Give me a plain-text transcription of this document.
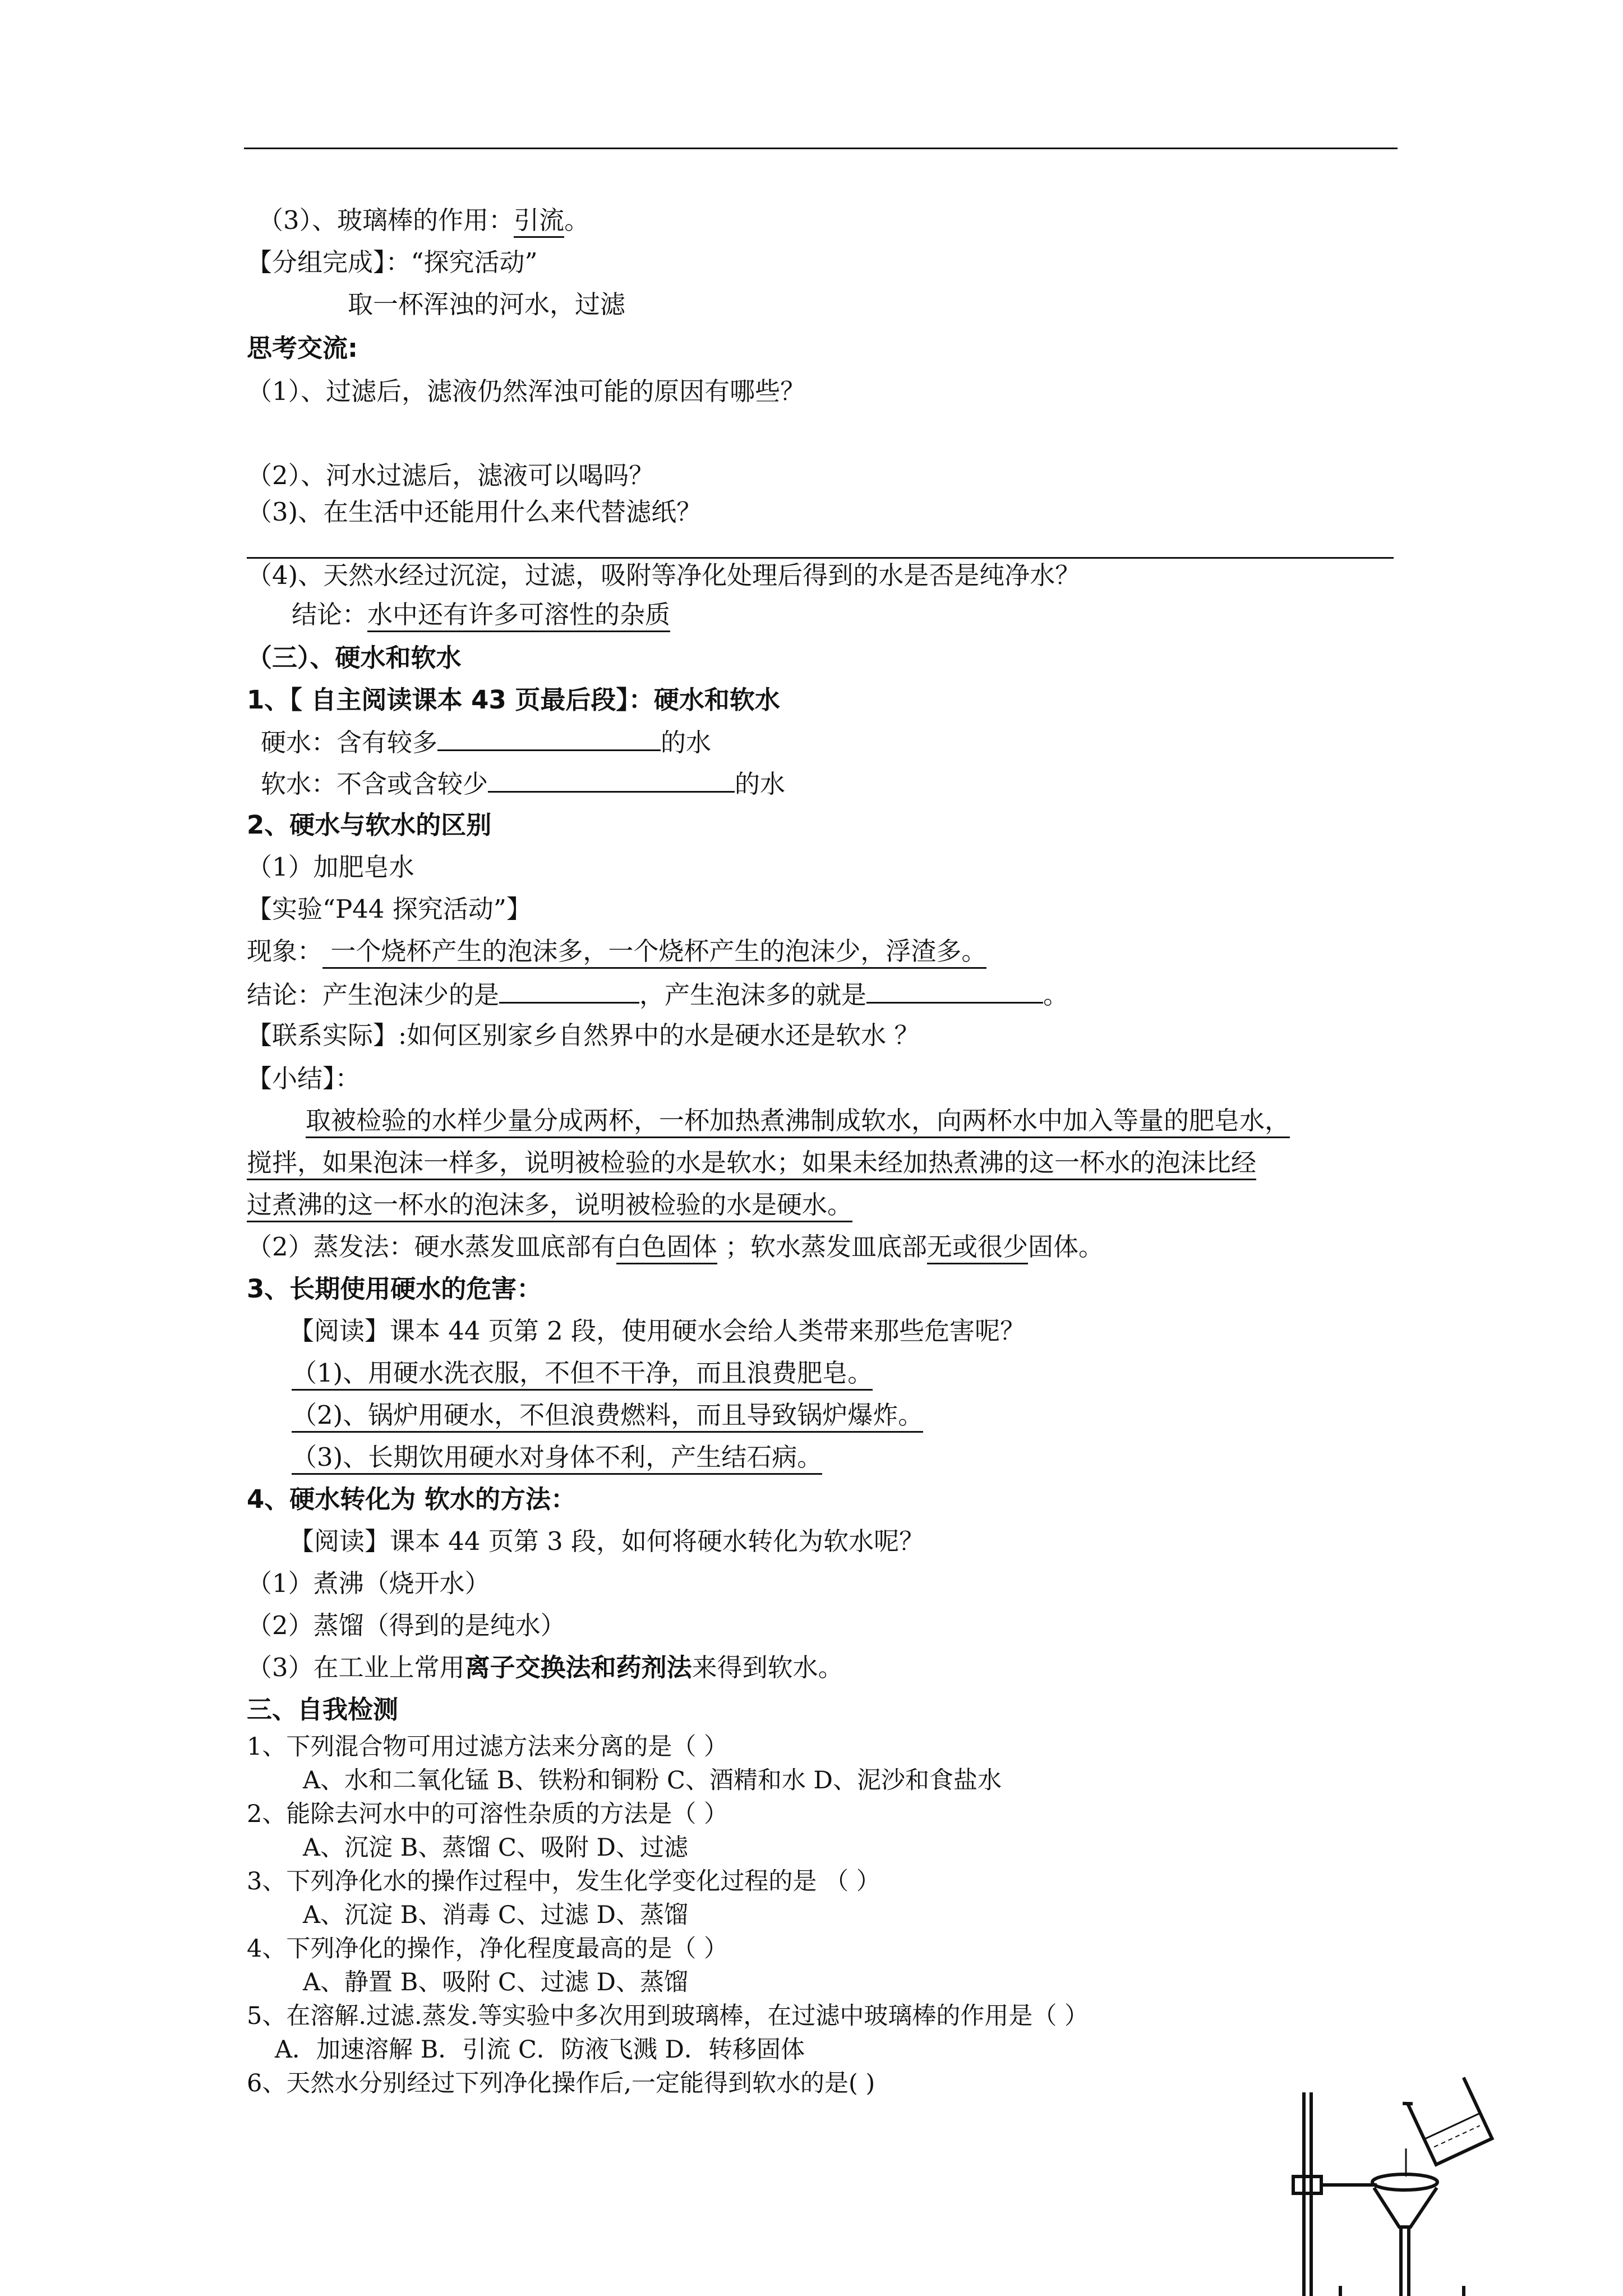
（3）、玻璃棒的作用：引流。
【分组完成】：“探究活动”
取一杯浑浊的河水，过滤
思考交流:
（1）、过滤后，滤液仍然浑浊可能的原因有哪些？
（2）、河水过滤后，滤液可以喝吗？
（3)、在生活中还能用什么来代替滤纸？
（4)、天然水经过沉淀，过滤，吸附等净化处理后得到的水是否是纯净水？
结论：水中还有许多可溶性的杂质
（三）、硬水和软水
1、【 自主阅读课本 43 页最后段】：硬水和软水
硬水：含有较多	的水
软水：不含或含较少	的水
2、硬水与软水的区别
（1）加肥皂水
【实验“P44 探究活动”】
现象： 一个烧杯产生的泡沫多，一个烧杯产生的泡沫少，浮渣多。
结论：产生泡沫少的是	，产生泡沫多的就是	。
【联系实际】:如何区别家乡自然界中的水是硬水还是软水 ？
【小结】：
取被检验的水样少量分成两杯，一杯加热煮沸制成软水，向两杯水中加入等量的肥皂水，
搅拌，如果泡沫一样多，说明被检验的水是软水；如果未经加热煮沸的这一杯水的泡沫比经
过煮沸的这一杯水的泡沫多，说明被检验的水是硬水。
（2）蒸发法：硬水蒸发皿底部有白色固体 ；软水蒸发皿底部无或很少固体。
3、长期使用硬水的危害：
【阅读】课本 44 页第 2 段，使用硬水会给人类带来那些危害呢？
（1)、用硬水洗衣服，不但不干净，而且浪费肥皂。
（2)、锅炉用硬水，不但浪费燃料，而且导致锅炉爆炸。
（3)、长期饮用硬水对身体不利，产生结石病。
4、硬水转化为 软水的方法：
【阅读】课本 44 页第 3 段，如何将硬水转化为软水呢？
（1）煮沸（烧开水）
（2）蒸馏（得到的是纯水）
（3）在工业上常用离子交换法和药剂法来得到软水。
三、自我检测
1、下列混合物可用过滤方法来分离的是（ ）
A、水和二氧化锰 B、铁粉和铜粉 C、酒精和水 D、泥沙和食盐水
2、能除去河水中的可溶性杂质的方法是（ ）
A、沉淀 B、蒸馏 C、吸附 D、过滤
3、下列净化水的操作过程中，发生化学变化过程的是 （ ）
A、沉淀 B、消毒 C、过滤 D、蒸馏
4、下列净化的操作，净化程度最高的是（ ）
A、静置 B、吸附 C、过滤 D、蒸馏
5、在溶解.过滤.蒸发.等实验中多次用到玻璃棒，在过滤中玻璃棒的作用是（ ）
A．加速溶解 B．引流 C．防液飞溅 D．转移固体
6、天然水分别经过下列净化操作后,一定能得到软水的是( )
